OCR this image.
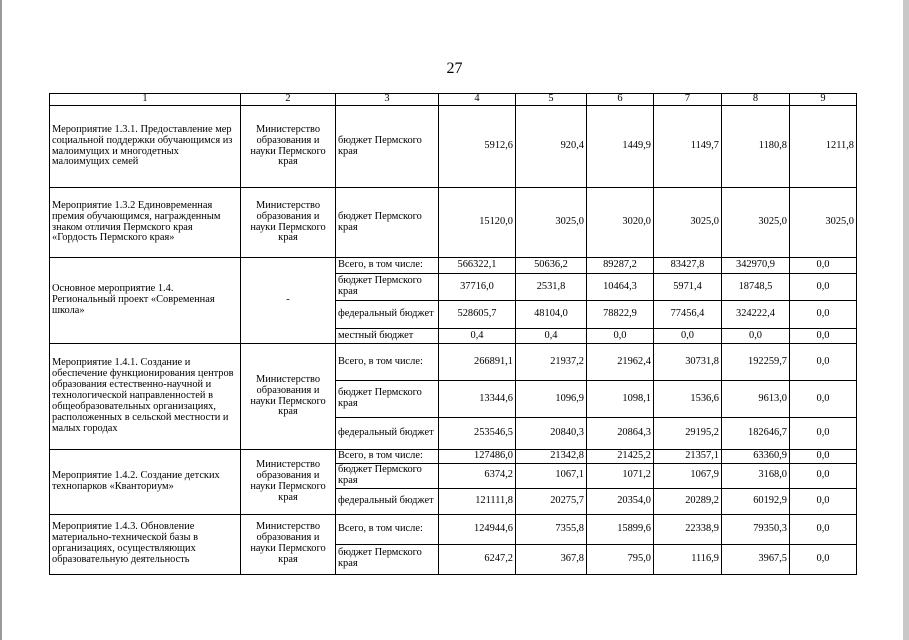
27
1	2	3	4	5	6	7	8	9
Мероприятие 1.3.1. Предоставление мер социальной поддержки обучающимся из малоимущих и многодетных малоимущих семей	Министерство образования и науки Пермского края	бюджет Пермского края	5912,6	920,4	1449,9	1149,7	1180,8	1211,8
Мероприятие 1.3.2 Единовременная премия обучающимся, награжденным знаком отличия Пермского края «Гордость Пермского края»	Министерство образования и науки Пермского края	бюджет Пермского края	15120,0	3025,0	3020,0	3025,0	3025,0	3025,0
Основное мероприятие 1.4. Региональный проект «Современная школа»	-	Всего, в том числе:	566322,1	50636,2	89287,2	83427,8	342970,9	0,0
		бюджет Пермского края	37716,0	2531,8	10464,3	5971,4	18748,5	0,0
		федеральный бюджет	528605,7	48104,0	78822,9	77456,4	324222,4	0,0
		местный бюджет	0,4	0,4	0,0	0,0	0,0	0,0
Мероприятие 1.4.1. Создание и обеспечение функционирования центров образования естественно-научной и технологической направленностей в общеобразовательных организациях, расположенных в сельской местности и малых городах	Министерство образования и науки Пермского края	Всего, в том числе:	266891,1	21937,2	21962,4	30731,8	192259,7	0,0
		бюджет Пермского края	13344,6	1096,9	1098,1	1536,6	9613,0	0,0
		федеральный бюджет	253546,5	20840,3	20864,3	29195,2	182646,7	0,0
Мероприятие 1.4.2. Создание детских технопарков «Кванториум»	Министерство образования и науки Пермского края	Всего, в том числе:	127486,0	21342,8	21425,2	21357,1	63360,9	0,0
		бюджет Пермского края	6374,2	1067,1	1071,2	1067,9	3168,0	0,0
		федеральный бюджет	121111,8	20275,7	20354,0	20289,2	60192,9	0,0
Мероприятие 1.4.3. Обновление материально-технической базы в организациях, осуществляющих образовательную деятельность	Министерство образования и науки Пермского края	Всего, в том числе:	124944,6	7355,8	15899,6	22338,9	79350,3	0,0
		бюджет Пермского края	6247,2	367,8	795,0	1116,9	3967,5	0,0
